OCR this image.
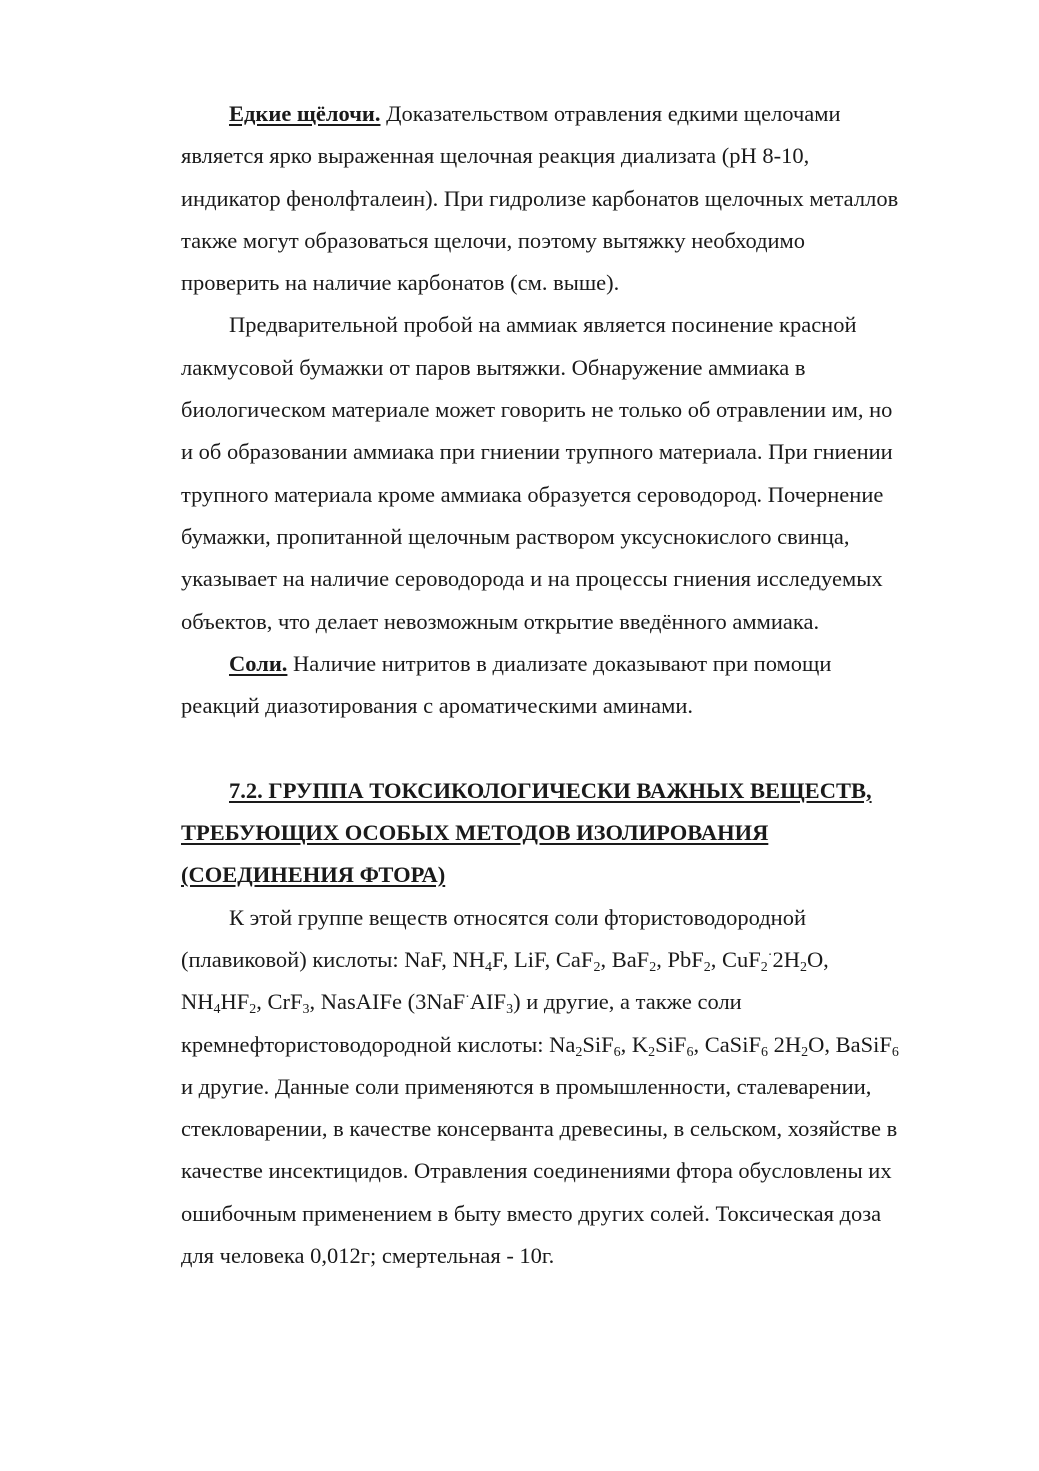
Едкие щёлочи. Доказательством отравления едкими щелочами
является ярко выраженная щелочная реакция диализата (pH 8-10,
индикатор фенолфталеин). При гидролизе карбонатов щелочных металлов
также могут образоваться щелочи, поэтому вытяжку необходимо
проверить на наличие карбонатов (см. выше).
Предварительной пробой на аммиак является посинение красной
лакмусовой бумажки от паров вытяжки. Обнаружение аммиака в
биологическом материале может говорить не только об отравлении им, но
и об образовании аммиака при гниении трупного материала. При гниении
трупного материала кроме аммиака образуется сероводород. Почернение
бумажки, пропитанной щелочным раствором уксуснокислого свинца,
указывает на наличие сероводорода и на процессы гниения исследуемых
объектов, что делает невозможным открытие введённого аммиака.
Соли. Наличие нитритов в диализате доказывают при помощи
реакций диазотирования с ароматическими аминами.
7.2. ГРУППА ТОКСИКОЛОГИЧЕСКИ ВАЖНЫХ ВЕЩЕСТВ,
ТРЕБУЮЩИХ ОСОБЫХ МЕТОДОВ ИЗОЛИРОВАНИЯ
(СОЕДИНЕНИЯ ФТОРА)
К этой группе веществ относятся соли фтористоводородной
(плавиковой) кислоты: NaF, $NH_4F$, LiF, CaF$_2$, BaF$_2$, PbF$_2$, $CuF_2^\cdot 2H_2O$,
$NH_4HF_2$, CrF$_3$, NasAIFe $(3NaF^\cdot AIF_3)$ и другие, а также соли
кремнефтористоводородной кислоты: $Na_2SiF_6$, $K_2SiF_6$, CaSiF$_6$ $2H_2O$, BaSiF$_6$
и другие. Данные соли применяются в промышленности, сталеварении,
стекловарении, в качестве консерванта древесины, в сельском, хозяйстве в
качестве инсектицидов. Отравления соединениями фтора обусловлены их
ошибочным применением в быту вместо других солей. Токсическая доза
для человека 0,012г; смертельная - 10г.
